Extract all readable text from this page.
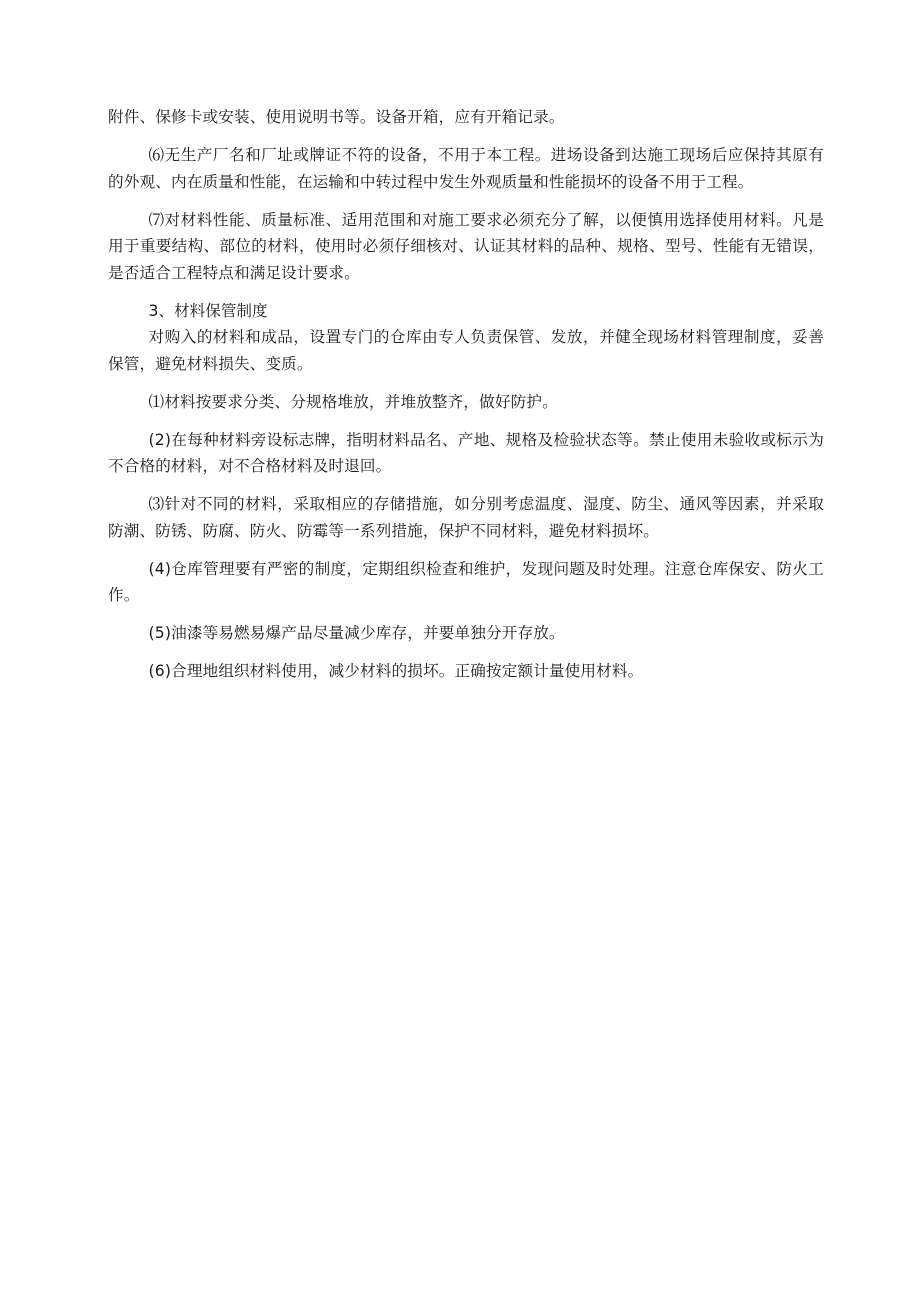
附件、保修卡或安装、使用说明书等。设备开箱，应有开箱记录。

⑹无生产厂名和厂址或牌证不符的设备，不用于本工程。进场设备到达施工现场后应保持其原有的外观、内在质量和性能，在运输和中转过程中发生外观质量和性能损坏的设备不用于工程。

⑺对材料性能、质量标准、适用范围和对施工要求必须充分了解，以便慎用选择使用材料。凡是用于重要结构、部位的材料，使用时必须仔细核对、认证其材料的品种、规格、型号、性能有无错误，是否适合工程特点和满足设计要求。

3、材料保管制度

对购入的材料和成品，设置专门的仓库由专人负责保管、发放，并健全现场材料管理制度，妥善保管，避免材料损失、变质。

⑴材料按要求分类、分规格堆放，并堆放整齐，做好防护。

(2)在每种材料旁设标志牌，指明材料品名、产地、规格及检验状态等。禁止使用未验收或标示为不合格的材料，对不合格材料及时退回。

⑶针对不同的材料，采取相应的存储措施，如分别考虑温度、湿度、防尘、通风等因素，并采取防潮、防锈、防腐、防火、防霉等一系列措施，保护不同材料，避免材料损坏。

(4)仓库管理要有严密的制度，定期组织检查和维护，发现问题及时处理。注意仓库保安、防火工作。

(5)油漆等易燃易爆产品尽量减少库存，并要单独分开存放。

(6)合理地组织材料使用，减少材料的损坏。正确按定额计量使用材料。
